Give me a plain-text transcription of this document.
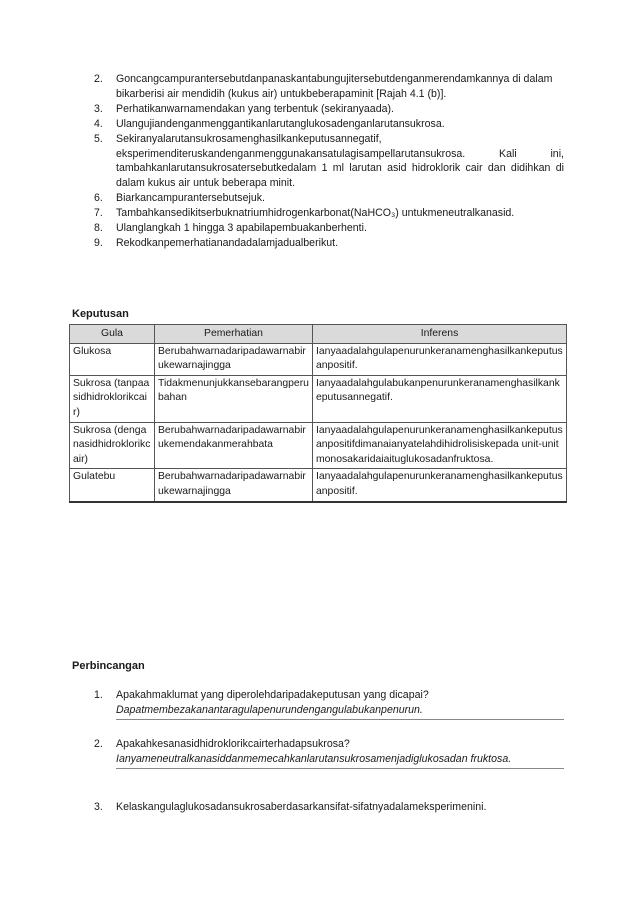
2. Goncangcampurantersebutdanpanaskantabungujitersebutdenganmerendamkannya di dalam bikarberisi air mendidih (kukus air) untukbeberapaminit [Rajah 4.1 (b)].
3. Perhatikanwarnamendakan yang terbentuk (sekiranyaada).
4. Ulangujiandenganmenggantikanlarutanglukosadenganlarutansukrosa.
5. Sekiranyalarutansukrosamenghasilkankeputusannegatif, eksperimenditeruskandenganmenggunakansatulagisampellarutansukrosa. Kali ini, tambahkanlarutansukrosatersebutkedalam 1 ml larutan asid hidroklorik cair dan didihkan di dalam kukus air untuk beberapa minit.
6. Biarkancampurantersebutsejuk.
7. Tambahkansedikitserbuknatriumhidrogenkarbonat(NaHCO₃) untukmeneutralkanasid.
8. Ulanglangkah 1 hingga 3 apabilapembuakanberhenti.
9. Rekodkanpemerhatianandadalamjadualberikut.
Keputusan
Gula	Pemerhatian	Inferens
Glukosa	Berubahwarnadaripadawarnabirukewarnajingga	Ianyaadalahgulapenurunkeranamenghasilkankeputusanpositif.
Sukrosa (tanpaasidhidroklorikcair)	Tidakmenunjukkansebarangperubahan	Ianyaadalahgulabukanpenurunkeranamenghasilkankeputusannegatif.
Sukrosa (denganasidhidroklorikcair)	Berubahwarnadaripadawarnabirukemendakanmerahbata	Ianyaadalahgulapenurunkeranamenghasilkankeputusanpositifdimanaianyatelahdihidrolisiskepada unit-unit monosakaridaiaituglukosadanfruktosa.
Gulatebu	Berubahwarnadaripadawarnabirukewarnajingga	Ianyaadalahgulapenurunkeranamenghasilkankeputusanpositif.
Perbincangan
1. Apakahmaklumat yang diperolehdaripadakeputusan yang dicapai?
Dapatmembezakanantaragulapenurundengangulabukanpenurun.
2. Apakahkesanasidhidroklorikcairterhadapsukrosa?
Ianyameneutralkanasiddanmemecahkanlarutansukrosamenjadiglukosadan fruktosa.
3. Kelaskangulaglukosadansukrosaberdasarkansifat-sifatnyadalameksperimenini.
